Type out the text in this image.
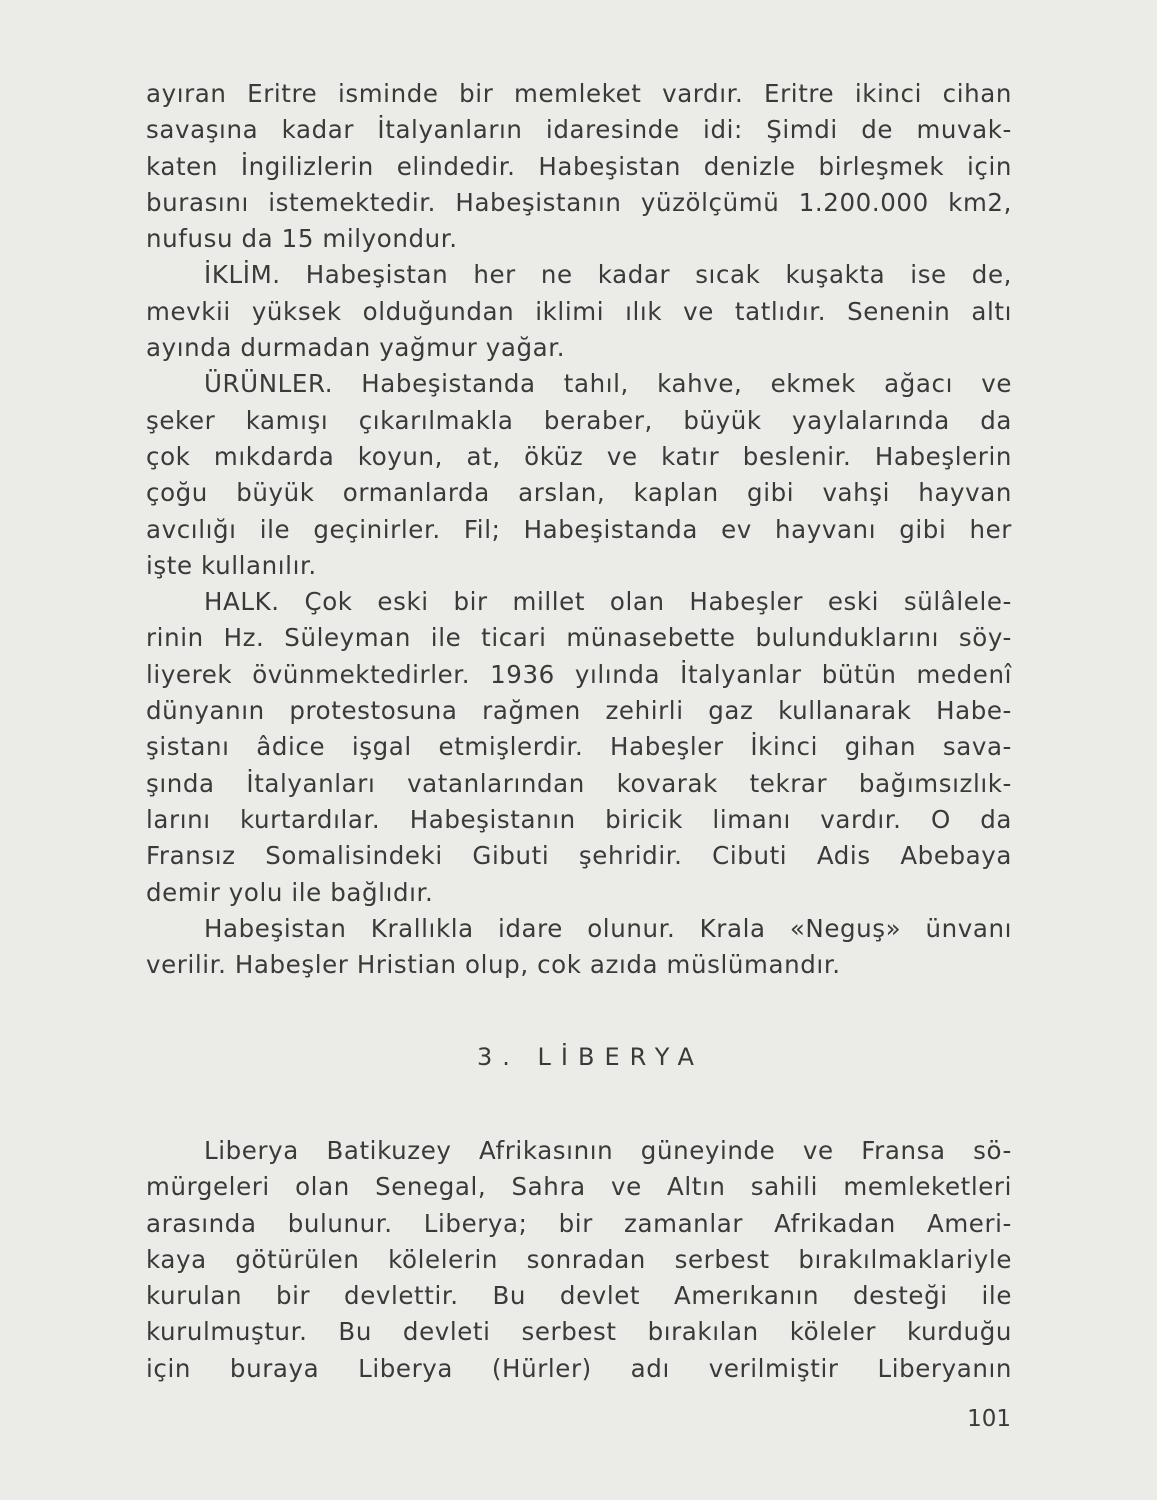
ayıran Eritre isminde bir memleket vardır. Eritre ikinci cihan
savaşına kadar İtalyanların idaresinde idi: Şimdi de muvak-
katen İngilizlerin elindedir. Habeşistan denizle birleşmek için
burasını istemektedir. Habeşistanın yüzölçümü 1.200.000 km2,
nufusu da 15 milyondur.
İKLİM. Habeşistan her ne kadar sıcak kuşakta ise de,
mevkii yüksek olduğundan iklimi ılık ve tatlıdır. Senenin altı
ayında durmadan yağmur yağar.
ÜRÜNLER. Habeşistanda tahıl, kahve, ekmek ağacı ve
şeker kamışı çıkarılmakla beraber, büyük yaylalarında da
çok mıkdarda koyun, at, öküz ve katır beslenir. Habeşlerin
çoğu büyük ormanlarda arslan, kaplan gibi vahşi hayvan
avcılığı ile geçinirler. Fil; Habeşistanda ev hayvanı gibi her
işte kullanılır.
HALK. Çok eski bir millet olan Habeşler eski sülâlele-
rinin Hz. Süleyman ile ticari münasebette bulunduklarını söy-
liyerek övünmektedirler. 1936 yılında İtalyanlar bütün medenî
dünyanın protestosuna rağmen zehirli gaz kullanarak Habe-
şistanı âdice işgal etmişlerdir. Habeşler İkinci gihan sava-
şında İtalyanları vatanlarından kovarak tekrar bağımsızlık-
larını kurtardılar. Habeşistanın biricik limanı vardır. O da
Fransız Somalisindeki Gibuti şehridir. Cibuti Adis Abebaya
demir yolu ile bağlıdır.
Habeşistan Krallıkla idare olunur. Krala «Neguş» ünvanı
verilir. Habeşler Hristian olup, cok azıda müslümandır.
3. LİBERYA
Liberya Batikuzey Afrikasının güneyinde ve Fransa sö-
mürgeleri olan Senegal, Sahra ve Altın sahili memleketleri
arasında bulunur. Liberya; bir zamanlar Afrikadan Ameri-
kaya götürülen kölelerin sonradan serbest bırakılmaklariyle
kurulan bir devlettir. Bu devlet Amerıkanın desteği ile
kurulmuştur. Bu devleti serbest bırakılan köleler kurduğu
için buraya Liberya (Hürler) adı verilmiştir Liberyanın
101
